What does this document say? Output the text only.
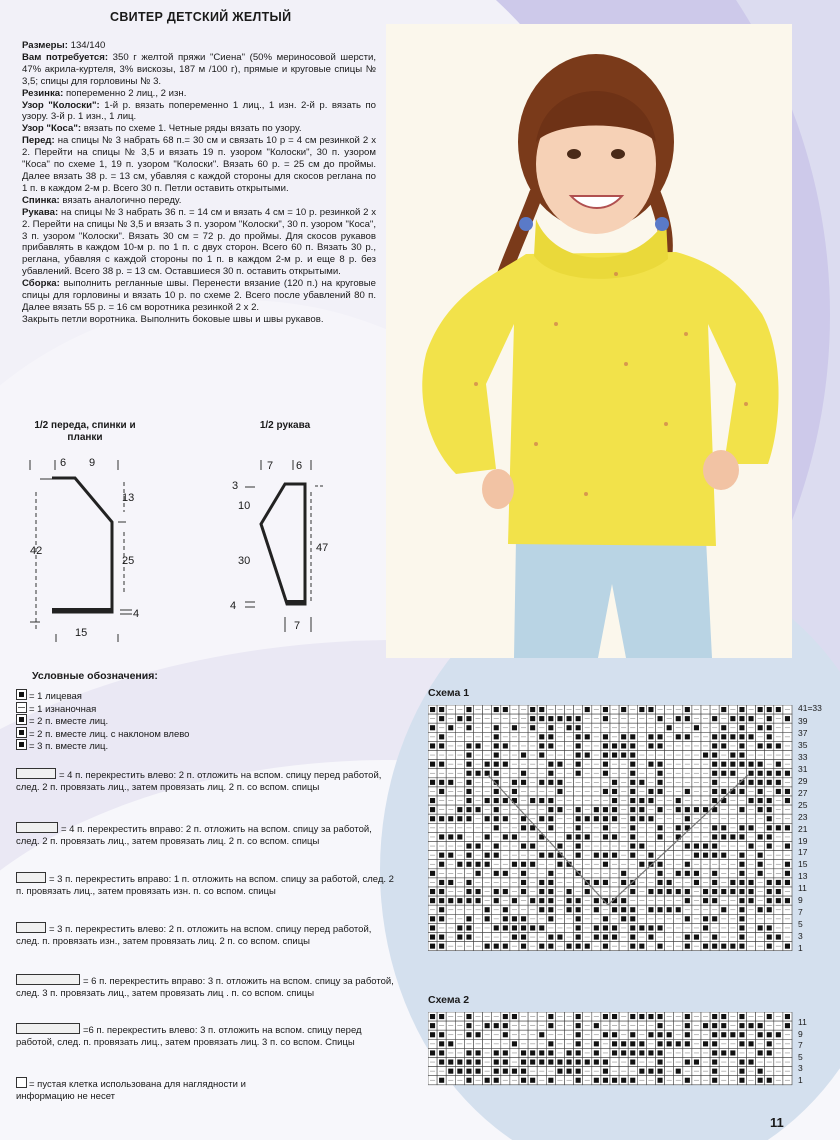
СВИТЕР ДЕТСКИЙ ЖЕЛТЫЙ

Размеры: 134/140

Вам потребуется: 350 г желтой пряжи "Сиена" (50% мериносовой шерсти, 47% акрила-куртеля, 3% вискозы, 187 м /100 г), прямые и круговые спицы № 3,5; спицы для горловины № 3.

Резинка: попеременно 2 лиц., 2 изн.

Узор "Колоски": 1-й р. вязать попеременно 1 лиц., 1 изн. 2-й р. вязать по узору. 3-й р. 1 изн., 1 лиц.

Узор "Коса": вязать по схеме 1. Четные ряды вязать по узору.

Перед: на спицы № 3 набрать 68 п.= 30 см и связать 10 р = 4 см резинкой 2 х 2. Перейти на спицы № 3,5 и вязать 19 п. узором "Колоски", 30 п. узором "Коса" по схеме 1, 19 п. узором "Колоски". Вязать 60 р. = 25 см до проймы. Далее вязать 38 р. = 13 см, убавляя с каждой стороны для скосов реглана по 1 п. в каждом 2-м р. Всего 30 п. Петли оставить открытыми.

Спинка: вязать аналогично переду.

Рукава: на спицы № 3 набрать 36 п. = 14 см и вязать 4 см = 10 р. резинкой 2 х 2. Перейти на спицы № 3,5 и вязать 3 п. узором "Колоски", 30 п. узором "Коса", 3 п. узором "Колоски". Вязать 30 см = 72 р. до проймы. Для скосов рукавов прибавлять в каждом 10-м р. по 1 п. с двух сторон. Всего 60 п. Вязать 30 р., реглана, убавляя с каждой стороны по 1 п. в каждом 2-м р. и еще 8 р. без убавлений. Всего 38 р. = 13 см. Оставшиеся 30 п. оставить открытыми.

Сборка: выполнить регланные швы. Перенести вязание (120 п.) на круговые спицы для горловины и вязать 10 р. по схеме 2. Всего после убавлений 80 п. Далее вязать 55 р. = 16 см воротника резинкой 2 х 2.

Закрыть петли воротника. Выполнить боковые швы и швы рукавов.

1/2 переда, спинки и планки
6 9
13
25
42
15
4
1/2 рукава
7 6
3
10
30
4
47
7
Условные обозначения:
= 1 лицевая
= 1 изнаночная
= 2 п. вместе лиц.
= 2 п. вместе лиц. с наклоном влево
= 3 п. вместе лиц.
= 4 п. перекрестить влево: 2 п. отложить на вспом. спицу перед работой, след. 2 п. провязать лиц., затем провязать лиц. 2 п. со вспом. спицы
= 4 п. перекрестить вправо: 2 п. отложить на вспом. спицу за работой, след. 2 п. провязать лиц., затем провязать лиц. 2 п. со вспом. спицы
= 3 п. перекрестить вправо: 1 п. отложить на вспом. спицу за работой, след. 2 п. провязать лиц., затем провязать изн. п. со вспом. спицы
= 3 п. перекрестить влево: 2 п. отложить на вспом. спицу перед работой, след. п. провязать изн., затем провязать лиц. 2 п. со вспом. спицы
= 6 п. перекрестить вправо: 3 п. отложить на вспом. спицу за работой, след. 3 п. провязать лиц., затем провязать лиц . п. со вспом. спицы
=6 п. перекрестить влево: 3 п. отложить на вспом. спицу перед работой, след. п. провязать лиц., затем провязать лиц. 3 п. со вспом. Спицы
= пустая клетка использована для наглядности и информацию не несет
Схема 1
41=33
39
37
35
33
31
29
27
25
23
21
19
17
15
13
11
9
7
5
3
1
Схема 2
11
9
7
5
3
1
11
